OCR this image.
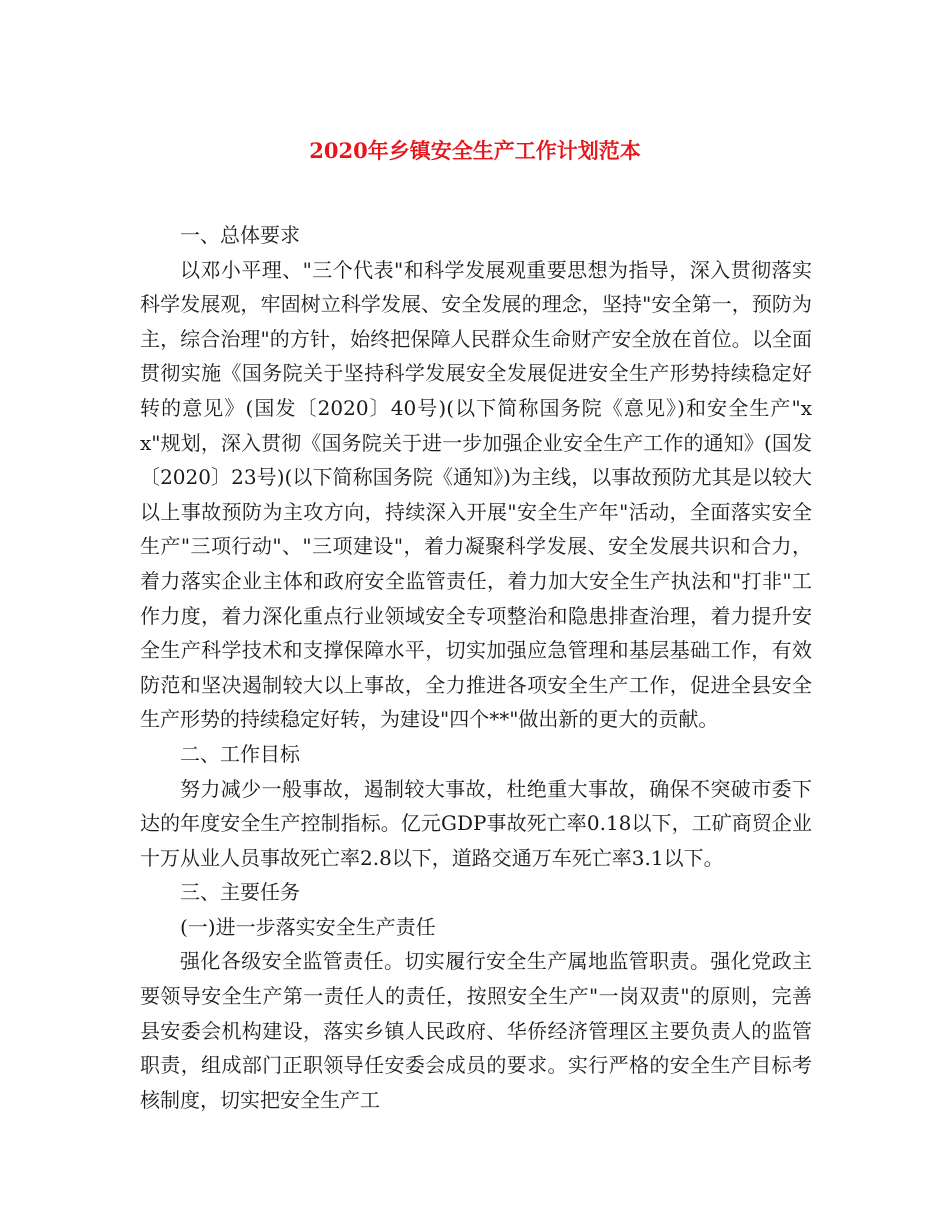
2020年乡镇安全生产工作计划范本

一、总体要求

以邓小平理、"三个代表"和科学发展观重要思想为指导，深入贯彻落实科学发展观，牢固树立科学发展、安全发展的理念，坚持"安全第一，预防为主，综合治理"的方针，始终把保障人民群众生命财产安全放在首位。以全面贯彻实施《国务院关于坚持科学发展安全发展促进安全生产形势持续稳定好转的意见》(国发〔2020〕40号)(以下简称国务院《意见》)和安全生产"xx"规划，深入贯彻《国务院关于进一步加强企业安全生产工作的通知》(国发〔2020〕23号)(以下简称国务院《通知》)为主线，以事故预防尤其是以较大以上事故预防为主攻方向，持续深入开展"安全生产年"活动，全面落实安全生产"三项行动"、"三项建设"，着力凝聚科学发展、安全发展共识和合力，着力落实企业主体和政府安全监管责任，着力加大安全生产执法和"打非"工作力度，着力深化重点行业领域安全专项整治和隐患排查治理，着力提升安全生产科学技术和支撑保障水平，切实加强应急管理和基层基础工作，有效防范和坚决遏制较大以上事故，全力推进各项安全生产工作，促进全县安全生产形势的持续稳定好转，为建设"四个**"做出新的更大的贡献。

二、工作目标

努力减少一般事故，遏制较大事故，杜绝重大事故，确保不突破市委下达的年度安全生产控制指标。亿元GDP事故死亡率0.18以下，工矿商贸企业十万从业人员事故死亡率2.8以下，道路交通万车死亡率3.1以下。

三、主要任务

(一)进一步落实安全生产责任

强化各级安全监管责任。切实履行安全生产属地监管职责。强化党政主要领导安全生产第一责任人的责任，按照安全生产"一岗双责"的原则，完善县安委会机构建设，落实乡镇人民政府、华侨经济管理区主要负责人的监管职责，组成部门正职领导任安委会成员的要求。实行严格的安全生产目标考核制度，切实把安全生产工
